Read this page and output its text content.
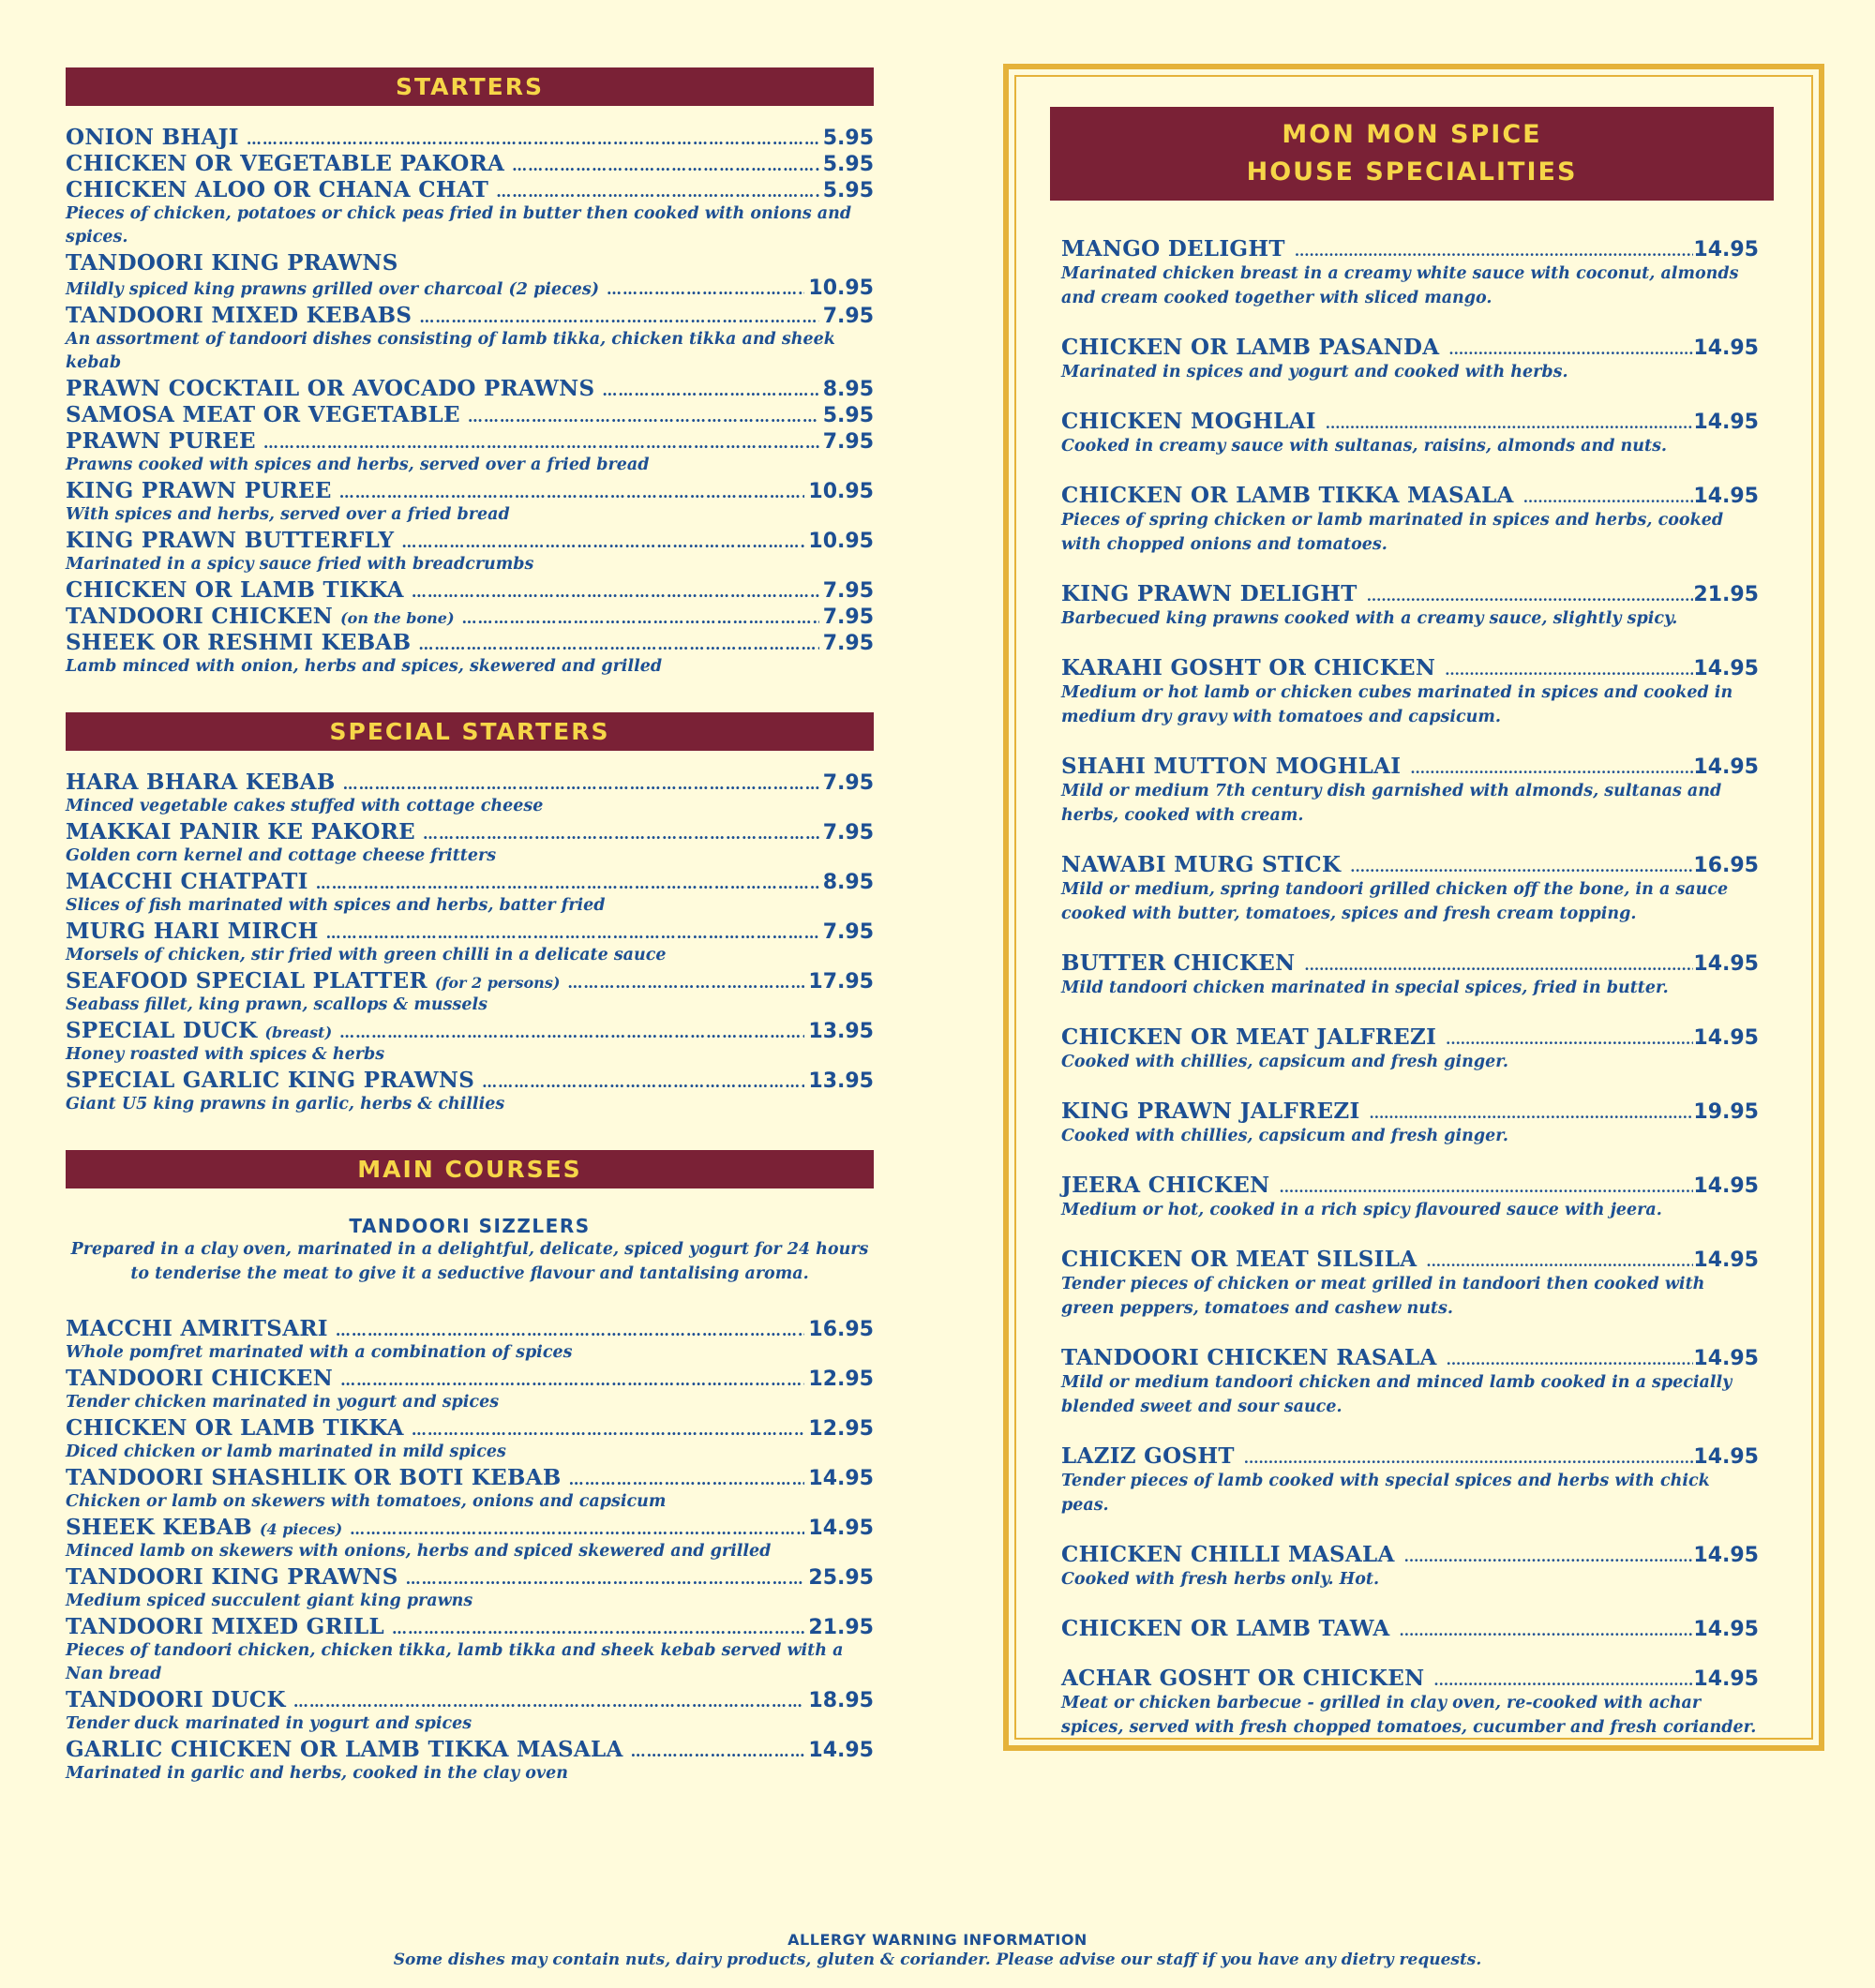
STARTERS
ONION BHAJI ………………………………………………………………………………………………………………………………………………………………	5.95
CHICKEN OR VEGETABLE PAKORA ………………………………………………………………………………………………………………………………………………………………	5.95
CHICKEN ALOO OR CHANA CHAT ………………………………………………………………………………………………………………………………………………………………	5.95
Pieces of chicken, potatoes or chick peas fried in butter then cooked with onions and spices.
TANDOORI KING PRAWNS
Mildly spiced king prawns grilled over charcoal (2 pieces) ………………………………………………………………………………………………………………………………………………………………	10.95
TANDOORI MIXED KEBABS ………………………………………………………………………………………………………………………………………………………………	7.95
An assortment of tandoori dishes consisting of lamb tikka, chicken tikka and sheek kebab
PRAWN COCKTAIL OR AVOCADO PRAWNS ………………………………………………………………………………………………………………………………………………………………	8.95
SAMOSA MEAT OR VEGETABLE ………………………………………………………………………………………………………………………………………………………………	5.95
PRAWN PUREE ………………………………………………………………………………………………………………………………………………………………	7.95
Prawns cooked with spices and herbs, served over a fried bread
KING PRAWN PUREE ………………………………………………………………………………………………………………………………………………………………	10.95
With spices and herbs, served over a fried bread
KING PRAWN BUTTERFLY ………………………………………………………………………………………………………………………………………………………………	10.95
Marinated in a spicy sauce fried with breadcrumbs
CHICKEN OR LAMB TIKKA ………………………………………………………………………………………………………………………………………………………………	7.95
TANDOORI CHICKEN (on the bone) ………………………………………………………………………………………………………………………………………………………………	7.95
SHEEK OR RESHMI KEBAB ………………………………………………………………………………………………………………………………………………………………	7.95
Lamb minced with onion, herbs and spices, skewered and grilled
SPECIAL STARTERS
HARA BHARA KEBAB ………………………………………………………………………………………………………………………………………………………………	7.95
Minced vegetable cakes stuffed with cottage cheese
MAKKAI PANIR KE PAKORE ………………………………………………………………………………………………………………………………………………………………	7.95
Golden corn kernel and cottage cheese fritters
MACCHI CHATPATI ………………………………………………………………………………………………………………………………………………………………	8.95
Slices of fish marinated with spices and herbs, batter fried
MURG HARI MIRCH ………………………………………………………………………………………………………………………………………………………………	7.95
Morsels of chicken, stir fried with green chilli in a delicate sauce
SEAFOOD SPECIAL PLATTER (for 2 persons) ………………………………………………………………………………………………………………………………………………………………	17.95
Seabass fillet, king prawn, scallops & mussels
SPECIAL DUCK (breast) ………………………………………………………………………………………………………………………………………………………………	13.95
Honey roasted with spices & herbs
SPECIAL GARLIC KING PRAWNS ………………………………………………………………………………………………………………………………………………………………	13.95
Giant U5 king prawns in garlic, herbs & chillies
MAIN COURSES
TANDOORI SIZZLERS
Prepared in a clay oven, marinated in a delightful, delicate, spiced yogurt for 24 hours to tenderise the meat to give it a seductive flavour and tantalising aroma.
MACCHI AMRITSARI ………………………………………………………………………………………………………………………………………………………………	16.95
Whole pomfret marinated with a combination of spices
TANDOORI CHICKEN ………………………………………………………………………………………………………………………………………………………………	12.95
Tender chicken marinated in yogurt and spices
CHICKEN OR LAMB TIKKA ………………………………………………………………………………………………………………………………………………………………	12.95
Diced chicken or lamb marinated in mild spices
TANDOORI SHASHLIK OR BOTI KEBAB ………………………………………………………………………………………………………………………………………………………………	14.95
Chicken or lamb on skewers with tomatoes, onions and capsicum
SHEEK KEBAB (4 pieces) ………………………………………………………………………………………………………………………………………………………………	14.95
Minced lamb on skewers with onions, herbs and spiced skewered and grilled
TANDOORI KING PRAWNS ………………………………………………………………………………………………………………………………………………………………	25.95
Medium spiced succulent giant king prawns
TANDOORI MIXED GRILL ………………………………………………………………………………………………………………………………………………………………	21.95
Pieces of tandoori chicken, chicken tikka, lamb tikka and sheek kebab served with a Nan bread
TANDOORI DUCK ………………………………………………………………………………………………………………………………………………………………	18.95
Tender duck marinated in yogurt and spices
GARLIC CHICKEN OR LAMB TIKKA MASALA ………………………………………………………………………………………………………………………………………………………………	14.95
Marinated in garlic and herbs, cooked in the clay oven
MON MON SPICE
HOUSE SPECIALITIES
MANGO DELIGHT .....	14.95
Marinated chicken breast in a creamy white sauce with coconut, almonds and cream cooked together with sliced mango.
CHICKEN OR LAMB PASANDA .....	14.95
Marinated in spices and yogurt and cooked with herbs.
CHICKEN MOGHLAI .....	14.95
Cooked in creamy sauce with sultanas, raisins, almonds and nuts.
CHICKEN OR LAMB TIKKA MASALA .....	14.95
Pieces of spring chicken or lamb marinated in spices and herbs, cooked with chopped onions and tomatoes.
KING PRAWN DELIGHT .....	21.95
Barbecued king prawns cooked with a creamy sauce, slightly spicy.
KARAHI GOSHT OR CHICKEN .....	14.95
Medium or hot lamb or chicken cubes marinated in spices and cooked in medium dry gravy with tomatoes and capsicum.
SHAHI MUTTON MOGHLAI .....	14.95
Mild or medium 7th century dish garnished with almonds, sultanas and herbs, cooked with cream.
NAWABI MURG STICK .....	16.95
Mild or medium, spring tandoori grilled chicken off the bone, in a sauce cooked with butter, tomatoes, spices and fresh cream topping.
BUTTER CHICKEN .....	14.95
Mild tandoori chicken marinated in special spices, fried in butter.
CHICKEN OR MEAT JALFREZI .....	14.95
Cooked with chillies, capsicum and fresh ginger.
KING PRAWN JALFREZI .....	19.95
Cooked with chillies, capsicum and fresh ginger.
JEERA CHICKEN .....	14.95
Medium or hot, cooked in a rich spicy flavoured sauce with jeera.
CHICKEN OR MEAT SILSILA .....	14.95
Tender pieces of chicken or meat grilled in tandoori then cooked with green peppers, tomatoes and cashew nuts.
TANDOORI CHICKEN RASALA .....	14.95
Mild or medium tandoori chicken and minced lamb cooked in a specially blended sweet and sour sauce.
LAZIZ GOSHT .....	14.95
Tender pieces of lamb cooked with special spices and herbs with chick peas.
CHICKEN CHILLI MASALA .....	14.95
Cooked with fresh herbs only. Hot.
CHICKEN OR LAMB TAWA .....	14.95
ACHAR GOSHT OR CHICKEN .....	14.95
Meat or chicken barbecue - grilled in clay oven, re-cooked with achar spices, served with fresh chopped tomatoes, cucumber and fresh coriander.
ALLERGY WARNING INFORMATION
Some dishes may contain nuts, dairy products, gluten & coriander. Please advise our staff if you have any dietry requests.
